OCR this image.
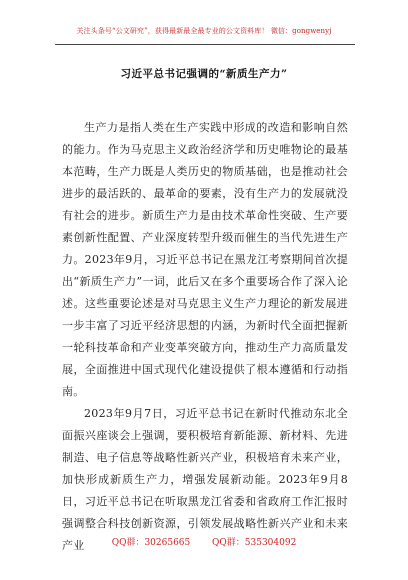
关注头条号“公文研究”，获得最新最全最专业的公文资料库！ 微信：gongwenyj
习近平总书记强调的“新质生产力”

生产力是指人类在生产实践中形成的改造和影响自然的能力。作为马克思主义政治经济学和历史唯物论的最基本范畴，生产力既是人类历史的物质基础，也是推动社会进步的最活跃的、最革命的要素，没有生产力的发展就没有社会的进步。新质生产力是由技术革命性突破、生产要素创新性配置、产业深度转型升级而催生的当代先进生产力。2023年9月，习近平总书记在黑龙江考察期间首次提出“新质生产力”一词，此后又在多个重要场合作了深入论述。这些重要论述是对马克思主义生产力理论的新发展进一步丰富了习近平经济思想的内涵，为新时代全面把握新一轮科技革命和产业变革突破方向，推动生产力高质量发展，全面推进中国式现代化建设提供了根本遵循和行动指南。

2023年9月7日，习近平总书记在新时代推动东北全面振兴座谈会上强调，要积极培育新能源、新材料、先进制造、电子信息等战略性新兴产业，积极培育未来产业，加快形成新质生产力，增强发展新动能。2023年9月8日，习近平总书记在听取黑龙江省委和省政府工作汇报时强调整合科技创新资源，引领发展战略性新兴产业和未来产业	QQ群：30265665 QQ群：535304092
